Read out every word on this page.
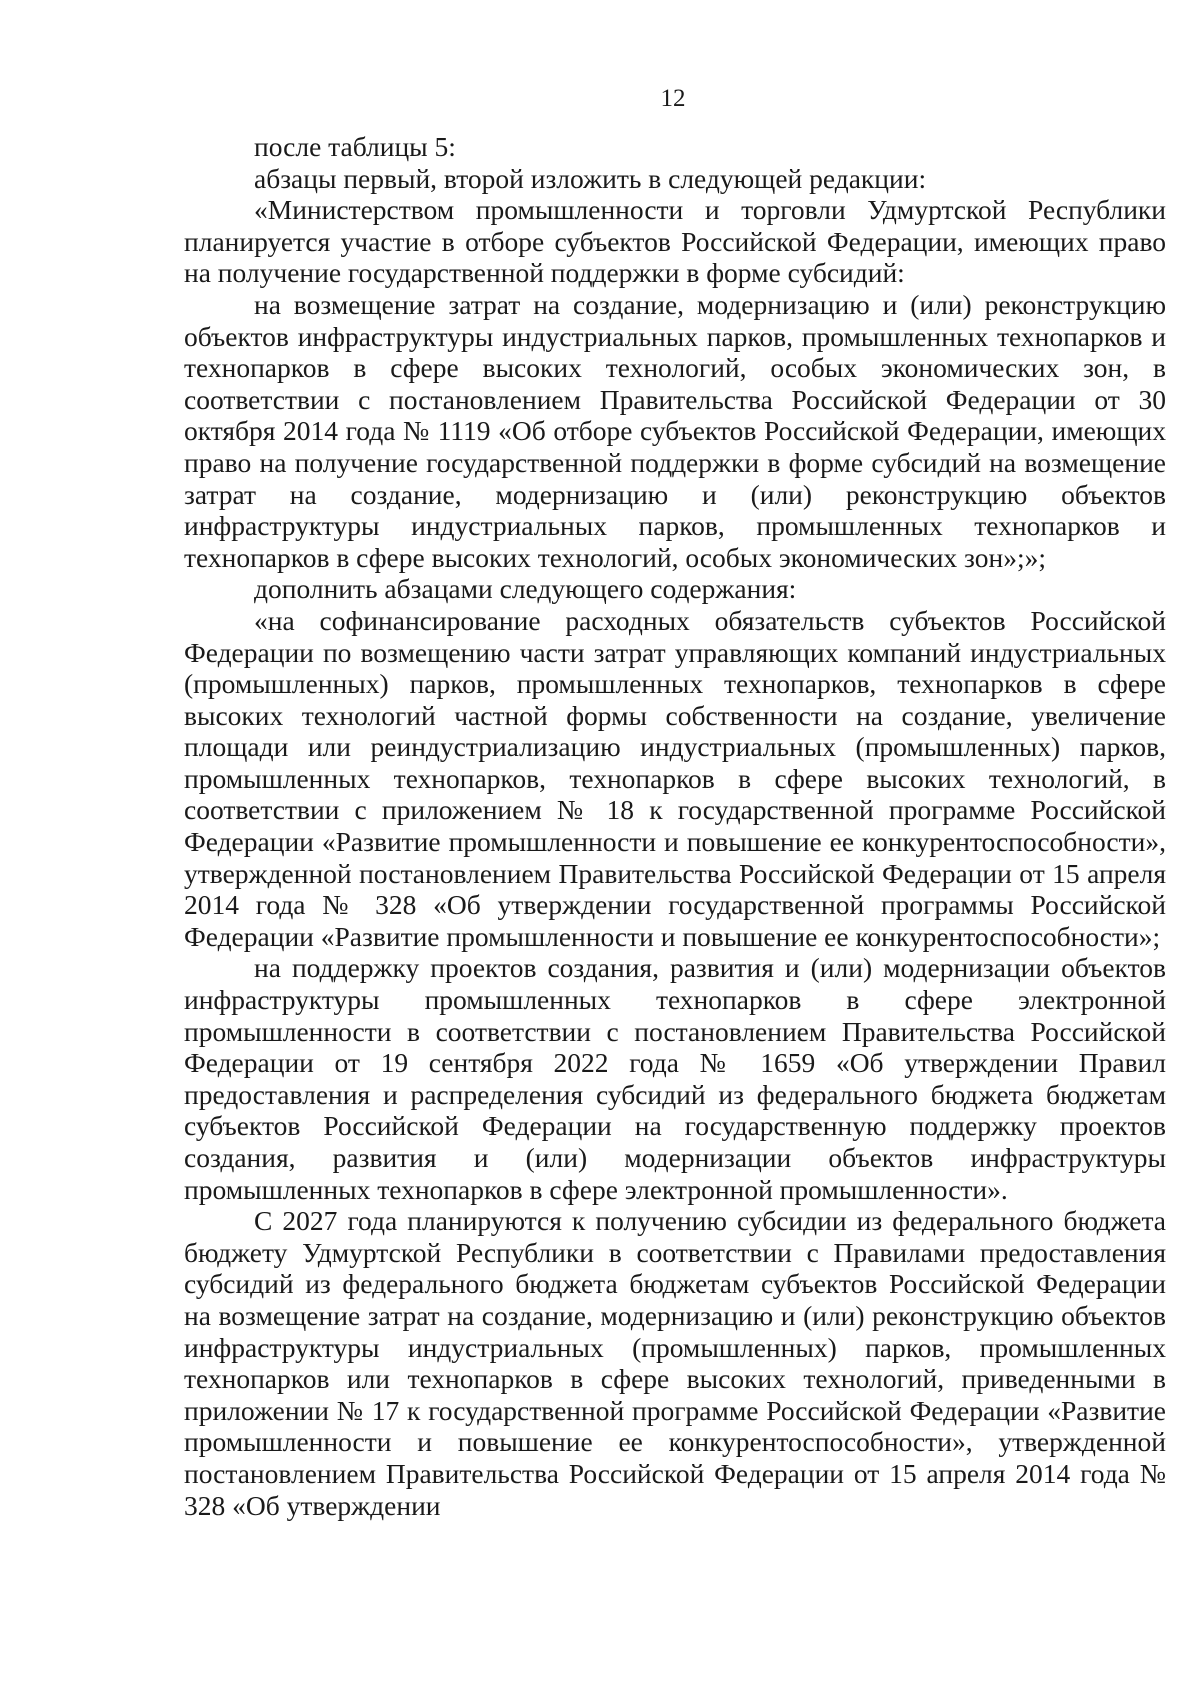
12

после таблицы 5:

абзацы первый, второй изложить в следующей редакции:

«Министерством промышленности и торговли Удмуртской Республики планируется участие в отборе субъектов Российской Федерации, имеющих право на получение государственной поддержки в форме субсидий:

на возмещение затрат на создание, модернизацию и (или) реконструкцию объектов инфраструктуры индустриальных парков, промышленных технопарков и технопарков в сфере высоких технологий, особых экономических зон, в соответствии с постановлением Правительства Российской Федерации от 30 октября 2014 года № 1119 «Об отборе субъектов Российской Федерации, имеющих право на получение государственной поддержки в форме субсидий на возмещение затрат на создание, модернизацию и (или) реконструкцию объектов инфраструктуры индустриальных парков, промышленных технопарков и технопарков в сфере высоких технологий, особых экономических зон»;»;

дополнить абзацами следующего содержания:

«на софинансирование расходных обязательств субъектов Российской Федерации по возмещению части затрат управляющих компаний индустриальных (промышленных) парков, промышленных технопарков, технопарков в сфере высоких технологий частной формы собственности на создание, увеличение площади или реиндустриализацию индустриальных (промышленных) парков, промышленных технопарков, технопарков в сфере высоких технологий, в соответствии с приложением № 18 к государственной программе Российской Федерации «Развитие промышленности и повышение ее конкурентоспособности», утвержденной постановлением Правительства Российской Федерации от 15 апреля 2014 года № 328 «Об утверждении государственной программы Российской Федерации «Развитие промышленности и повышение ее конкурентоспособности»;

на поддержку проектов создания, развития и (или) модернизации объектов инфраструктуры промышленных технопарков в сфере электронной промышленности в соответствии с постановлением Правительства Российской Федерации от 19 сентября 2022 года № 1659 «Об утверждении Правил предоставления и распределения субсидий из федерального бюджета бюджетам субъектов Российской Федерации на государственную поддержку проектов создания, развития и (или) модернизации объектов инфраструктуры промышленных технопарков в сфере электронной промышленности».

С 2027 года планируются к получению субсидии из федерального бюджета бюджету Удмуртской Республики в соответствии с Правилами предоставления субсидий из федерального бюджета бюджетам субъектов Российской Федерации на возмещение затрат на создание, модернизацию и (или) реконструкцию объектов инфраструктуры индустриальных (промышленных) парков, промышленных технопарков или технопарков в сфере высоких технологий, приведенными в приложении № 17 к государственной программе Российской Федерации «Развитие промышленности и повышение ее конкурентоспособности», утвержденной постановлением Правительства Российской Федерации от 15 апреля 2014 года № 328 «Об утверждении
